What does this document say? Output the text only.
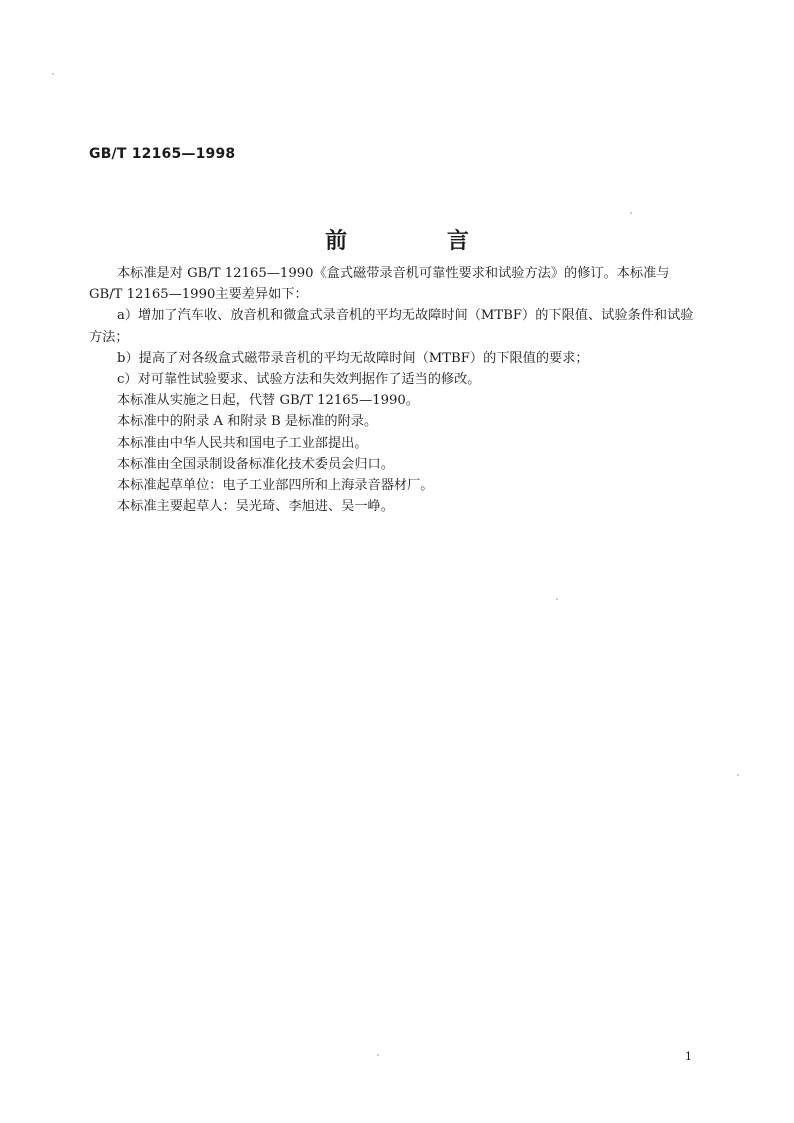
GB/T 12165—1998
前 言

本标准是对 GB/T 12165—1990《盒式磁带录音机可靠性要求和试验方法》的修订。本标准与
GB/T 12165—1990主要差异如下：

a）增加了汽车收、放音机和微盒式录音机的平均无故障时间（MTBF）的下限值、试验条件和试验
方法；

b）提高了对各级盒式磁带录音机的平均无故障时间（MTBF）的下限值的要求；

c）对可靠性试验要求、试验方法和失效判据作了适当的修改。

本标准从实施之日起，代替 GB/T 12165—1990。

本标准中的附录 A 和附录 B 是标准的附录。

本标准由中华人民共和国电子工业部提出。

本标准由全国录制设备标准化技术委员会归口。

本标准起草单位：电子工业部四所和上海录音器材厂。

本标准主要起草人：吴光琦、李旭进、吴一峥。

1
